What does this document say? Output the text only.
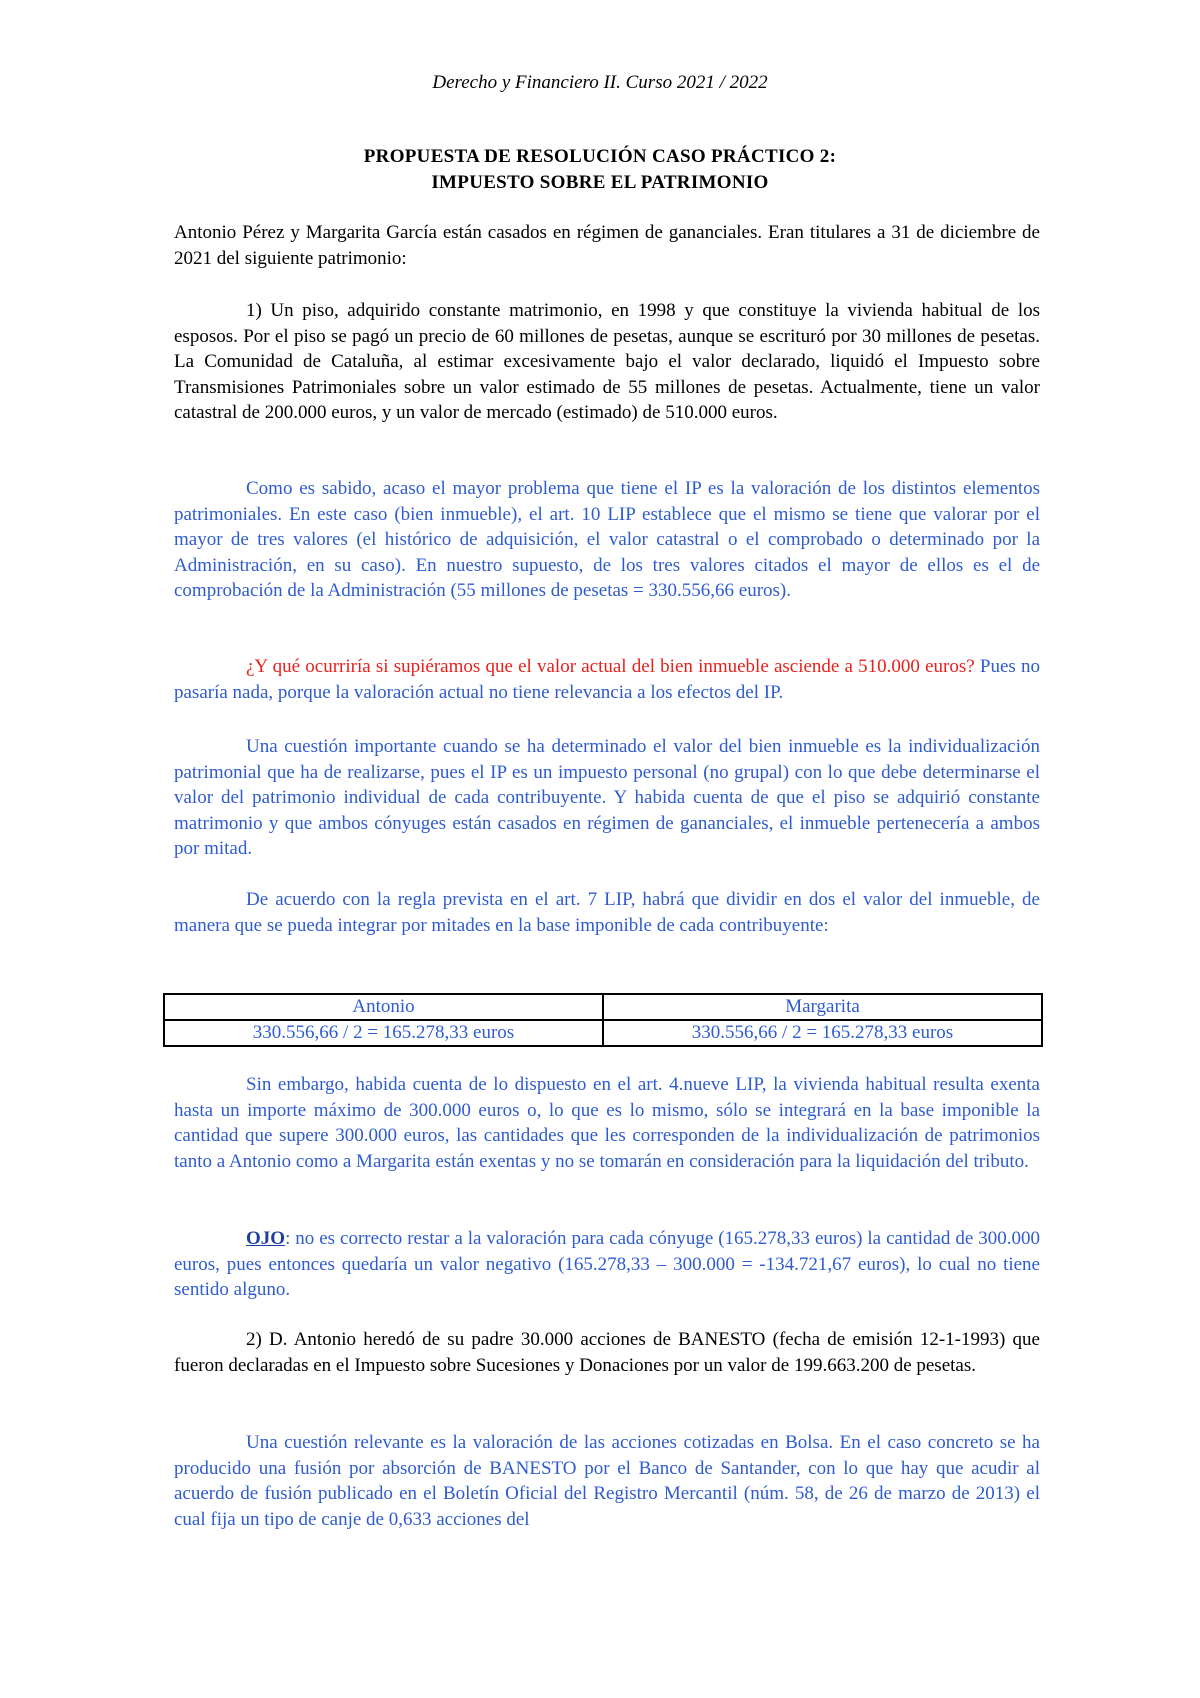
Derecho y Financiero II. Curso 2021 / 2022
PROPUESTA DE RESOLUCIÓN CASO PRÁCTICO 2:
IMPUESTO SOBRE EL PATRIMONIO

Antonio Pérez y Margarita García están casados en régimen de gananciales. Eran titulares a 31 de diciembre de 2021 del siguiente patrimonio:

1) Un piso, adquirido constante matrimonio, en 1998 y que constituye la vivienda habitual de los esposos. Por el piso se pagó un precio de 60 millones de pesetas, aunque se escrituró por 30 millones de pesetas. La Comunidad de Cataluña, al estimar excesivamente bajo el valor declarado, liquidó el Impuesto sobre Transmisiones Patrimoniales sobre un valor estimado de 55 millones de pesetas. Actualmente, tiene un valor catastral de 200.000 euros, y un valor de mercado (estimado) de 510.000 euros.

Como es sabido, acaso el mayor problema que tiene el IP es la valoración de los distintos elementos patrimoniales. En este caso (bien inmueble), el art. 10 LIP establece que el mismo se tiene que valorar por el mayor de tres valores (el histórico de adquisición, el valor catastral o el comprobado o determinado por la Administración, en su caso). En nuestro supuesto, de los tres valores citados el mayor de ellos es el de comprobación de la Administración (55 millones de pesetas = 330.556,66 euros).

¿Y qué ocurriría si supiéramos que el valor actual del bien inmueble asciende a 510.000 euros? Pues no pasaría nada, porque la valoración actual no tiene relevancia a los efectos del IP.

Una cuestión importante cuando se ha determinado el valor del bien inmueble es la individualización patrimonial que ha de realizarse, pues el IP es un impuesto personal (no grupal) con lo que debe determinarse el valor del patrimonio individual de cada contribuyente. Y habida cuenta de que el piso se adquirió constante matrimonio y que ambos cónyuges están casados en régimen de gananciales, el inmueble pertenecería a ambos por mitad.

De acuerdo con la regla prevista en el art. 7 LIP, habrá que dividir en dos el valor del inmueble, de manera que se pueda integrar por mitades en la base imponible de cada contribuyente:

Antonio	Margarita
330.556,66 / 2 = 165.278,33 euros	330.556,66 / 2 = 165.278,33 euros

Sin embargo, habida cuenta de lo dispuesto en el art. 4.nueve LIP, la vivienda habitual resulta exenta hasta un importe máximo de 300.000 euros o, lo que es lo mismo, sólo se integrará en la base imponible la cantidad que supere 300.000 euros, las cantidades que les corresponden de la individualización de patrimonios tanto a Antonio como a Margarita están exentas y no se tomarán en consideración para la liquidación del tributo.

OJO: no es correcto restar a la valoración para cada cónyuge (165.278,33 euros) la cantidad de 300.000 euros, pues entonces quedaría un valor negativo (165.278,33 – 300.000 = -134.721,67 euros), lo cual no tiene sentido alguno.

2) D. Antonio heredó de su padre 30.000 acciones de BANESTO (fecha de emisión 12-1-1993) que fueron declaradas en el Impuesto sobre Sucesiones y Donaciones por un valor de 199.663.200 de pesetas.

Una cuestión relevante es la valoración de las acciones cotizadas en Bolsa. En el caso concreto se ha producido una fusión por absorción de BANESTO por el Banco de Santander, con lo que hay que acudir al acuerdo de fusión publicado en el Boletín Oficial del Registro Mercantil (núm. 58, de 26 de marzo de 2013) el cual fija un tipo de canje de 0,633 acciones del
